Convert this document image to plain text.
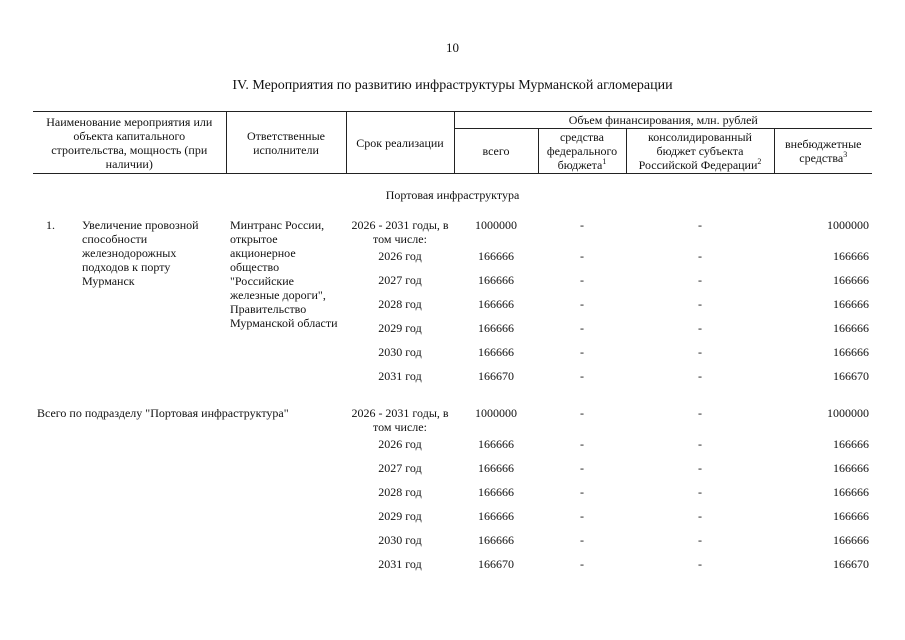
10
IV. Мероприятия по развитию инфраструктуры Мурманской агломерации
Наименование мероприятия или объекта капитального строительства, мощность (при наличии)	Ответственные исполнители	Срок реализации	Объем финансирования, млн. рублей			
			всего	средства федерального бюджета$^1$	консолидированный бюджет субъекта Российской Федерации$^2$	внебюджетные средства$^3$
Портовая инфраструктура						

1. Увеличение провозной способности железнодорожных подходов к порту Мурманск	Минтранс России, открытое акционерное общество "Российские железные дороги", Правительство Мурманской области	2026 - 2031 годы, в том числе:	1000000	-	-	1000000
		2026 год	166666	-	-	166666
		2027 год	166666	-	-	166666
		2028 год	166666	-	-	166666
		2029 год	166666	-	-	166666
		2030 год	166666	-	-	166666
		2031 год	166670	-	-	166670
Всего по подразделу "Портовая инфраструктура"		2026 - 2031 годы, в том числе:	1000000	-	-	1000000
		2026 год	166666	-	-	166666
		2027 год	166666	-	-	166666
		2028 год	166666	-	-	166666
		2029 год	166666	-	-	166666
		2030 год	166666	-	-	166666
		2031 год	166670	-	-	166670
